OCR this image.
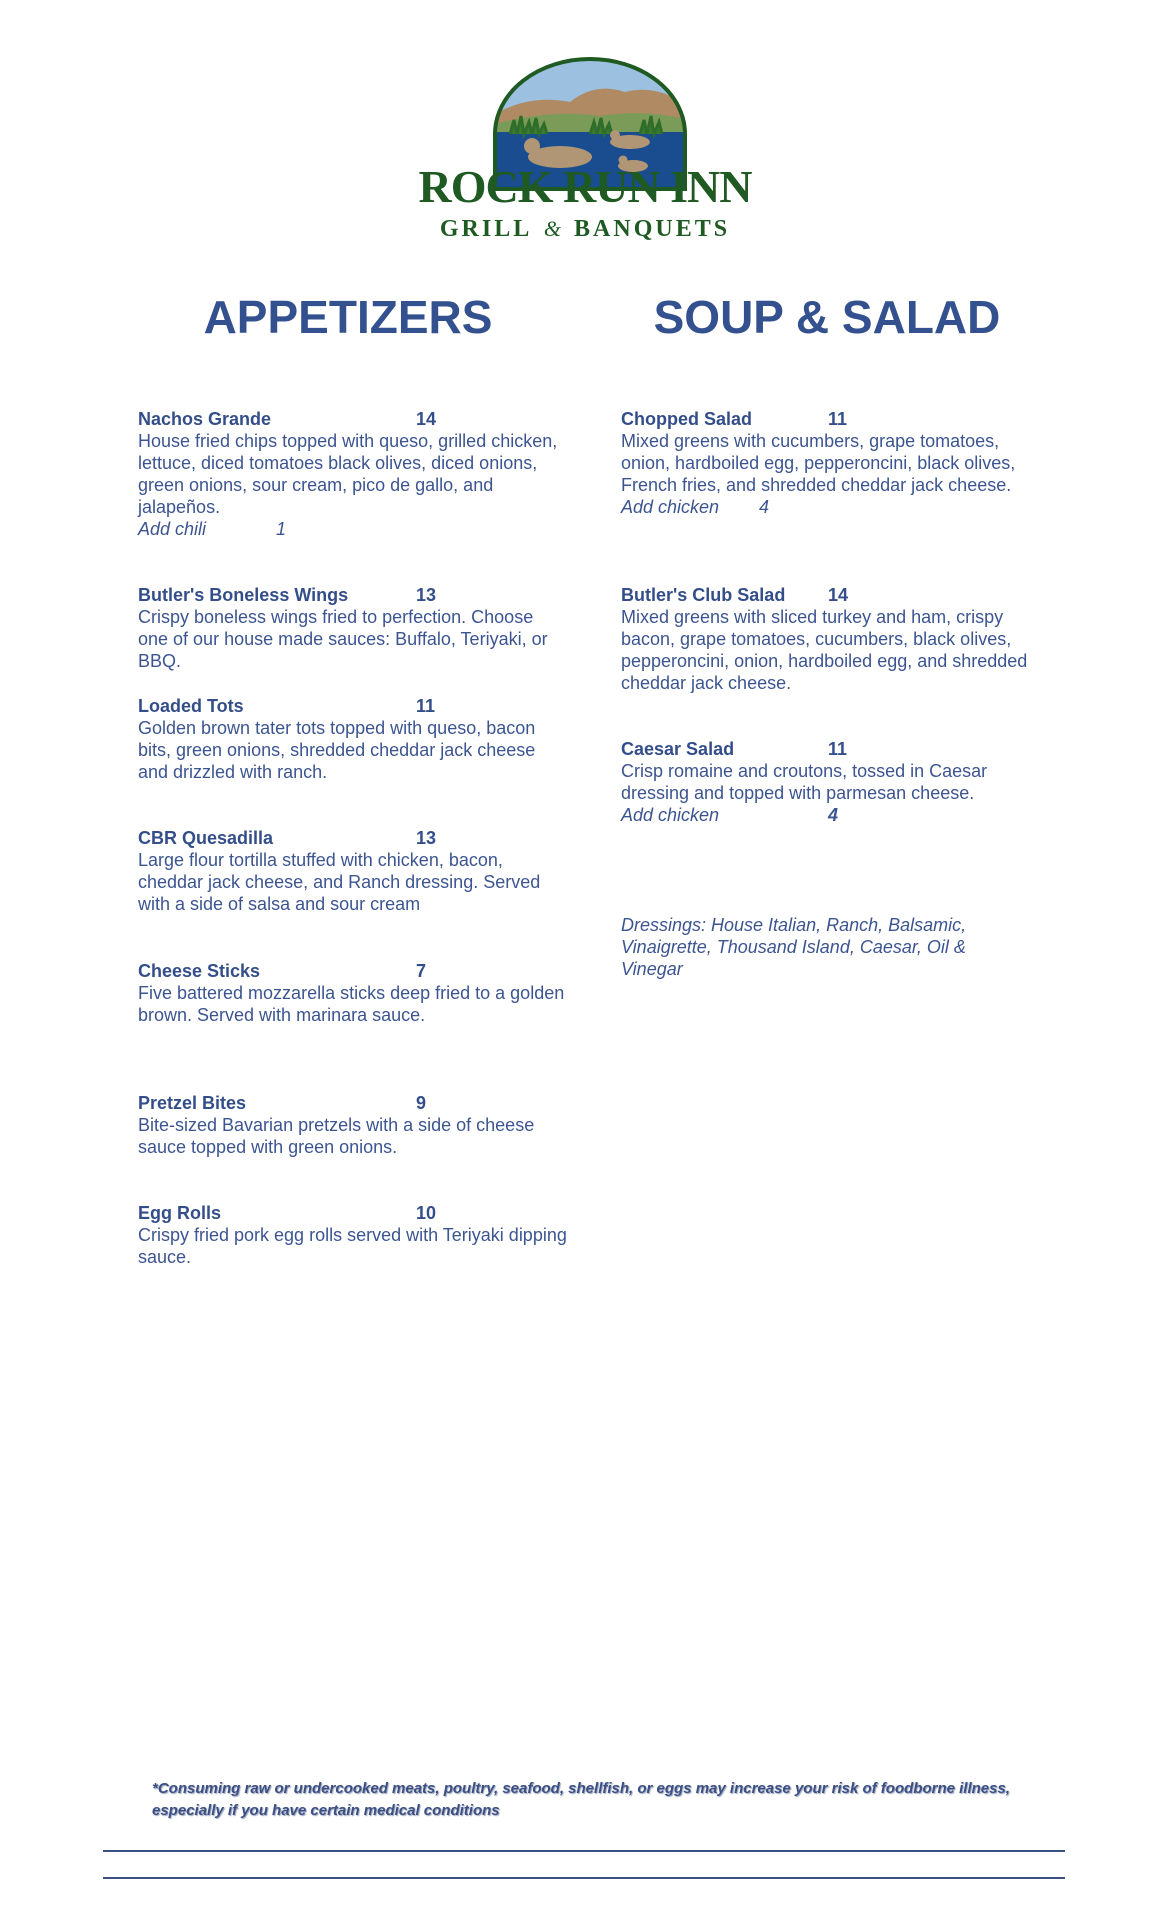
ROCK RUN INN
GRILL & BANQUETS
APPETIZERS	SOUP & SALAD
Nachos Grande	14
House fried chips topped with queso, grilled chicken, lettuce, diced tomatoes black olives, diced onions, green onions, sour cream, pico de gallo, and jalapeños.
Add chili	1
Butler's Boneless Wings	13
Crispy boneless wings fried to perfection. Choose one of our house made sauces: Buffalo, Teriyaki, or BBQ.
Loaded Tots	11
Golden brown tater tots topped with queso, bacon bits, green onions, shredded cheddar jack cheese and drizzled with ranch.
CBR Quesadilla	13
Large flour tortilla stuffed with chicken, bacon, cheddar jack cheese, and Ranch dressing. Served with a side of salsa and sour cream
Cheese Sticks	7
Five battered mozzarella sticks deep fried to a golden brown. Served with marinara sauce.
Pretzel Bites	9
Bite-sized Bavarian pretzels with a side of cheese sauce topped with green onions.
Egg Rolls	10
Crispy fried pork egg rolls served with Teriyaki dipping sauce.
Chopped Salad	11
Mixed greens with cucumbers, grape tomatoes, onion, hardboiled egg, pepperoncini, black olives, French fries, and shredded cheddar jack cheese.
Add chicken	4
Butler's Club Salad	14
Mixed greens with sliced turkey and ham, crispy bacon, grape tomatoes, cucumbers, black olives, pepperoncini, onion, hardboiled egg, and shredded cheddar jack cheese.
Caesar Salad	11
Crisp romaine and croutons, tossed in Caesar dressing and topped with parmesan cheese.
Add chicken	4
Dressings: House Italian, Ranch, Balsamic, Vinaigrette, Thousand Island, Caesar, Oil & Vinegar
*Consuming raw or undercooked meats, poultry, seafood, shellfish, or eggs may increase your risk of foodborne illness, especially if you have certain medical conditions
